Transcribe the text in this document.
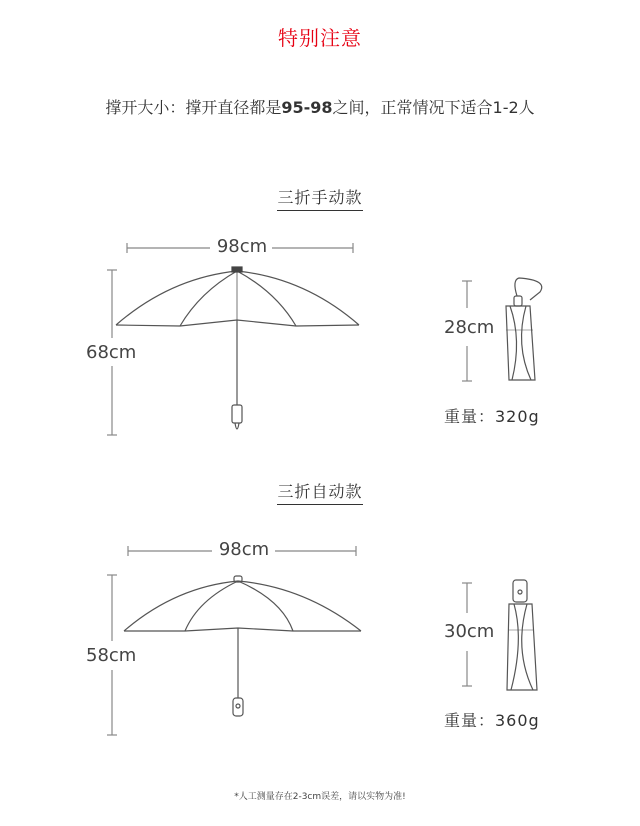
特别注意
撑开大小：撑开直径都是95-98之间，正常情况下适合1-2人
三折手动款
98cm
68cm
28cm
重量：320g
三折自动款
98cm
58cm
30cm
重量：360g
*人工测量存在2-3cm误差，请以实物为准!
